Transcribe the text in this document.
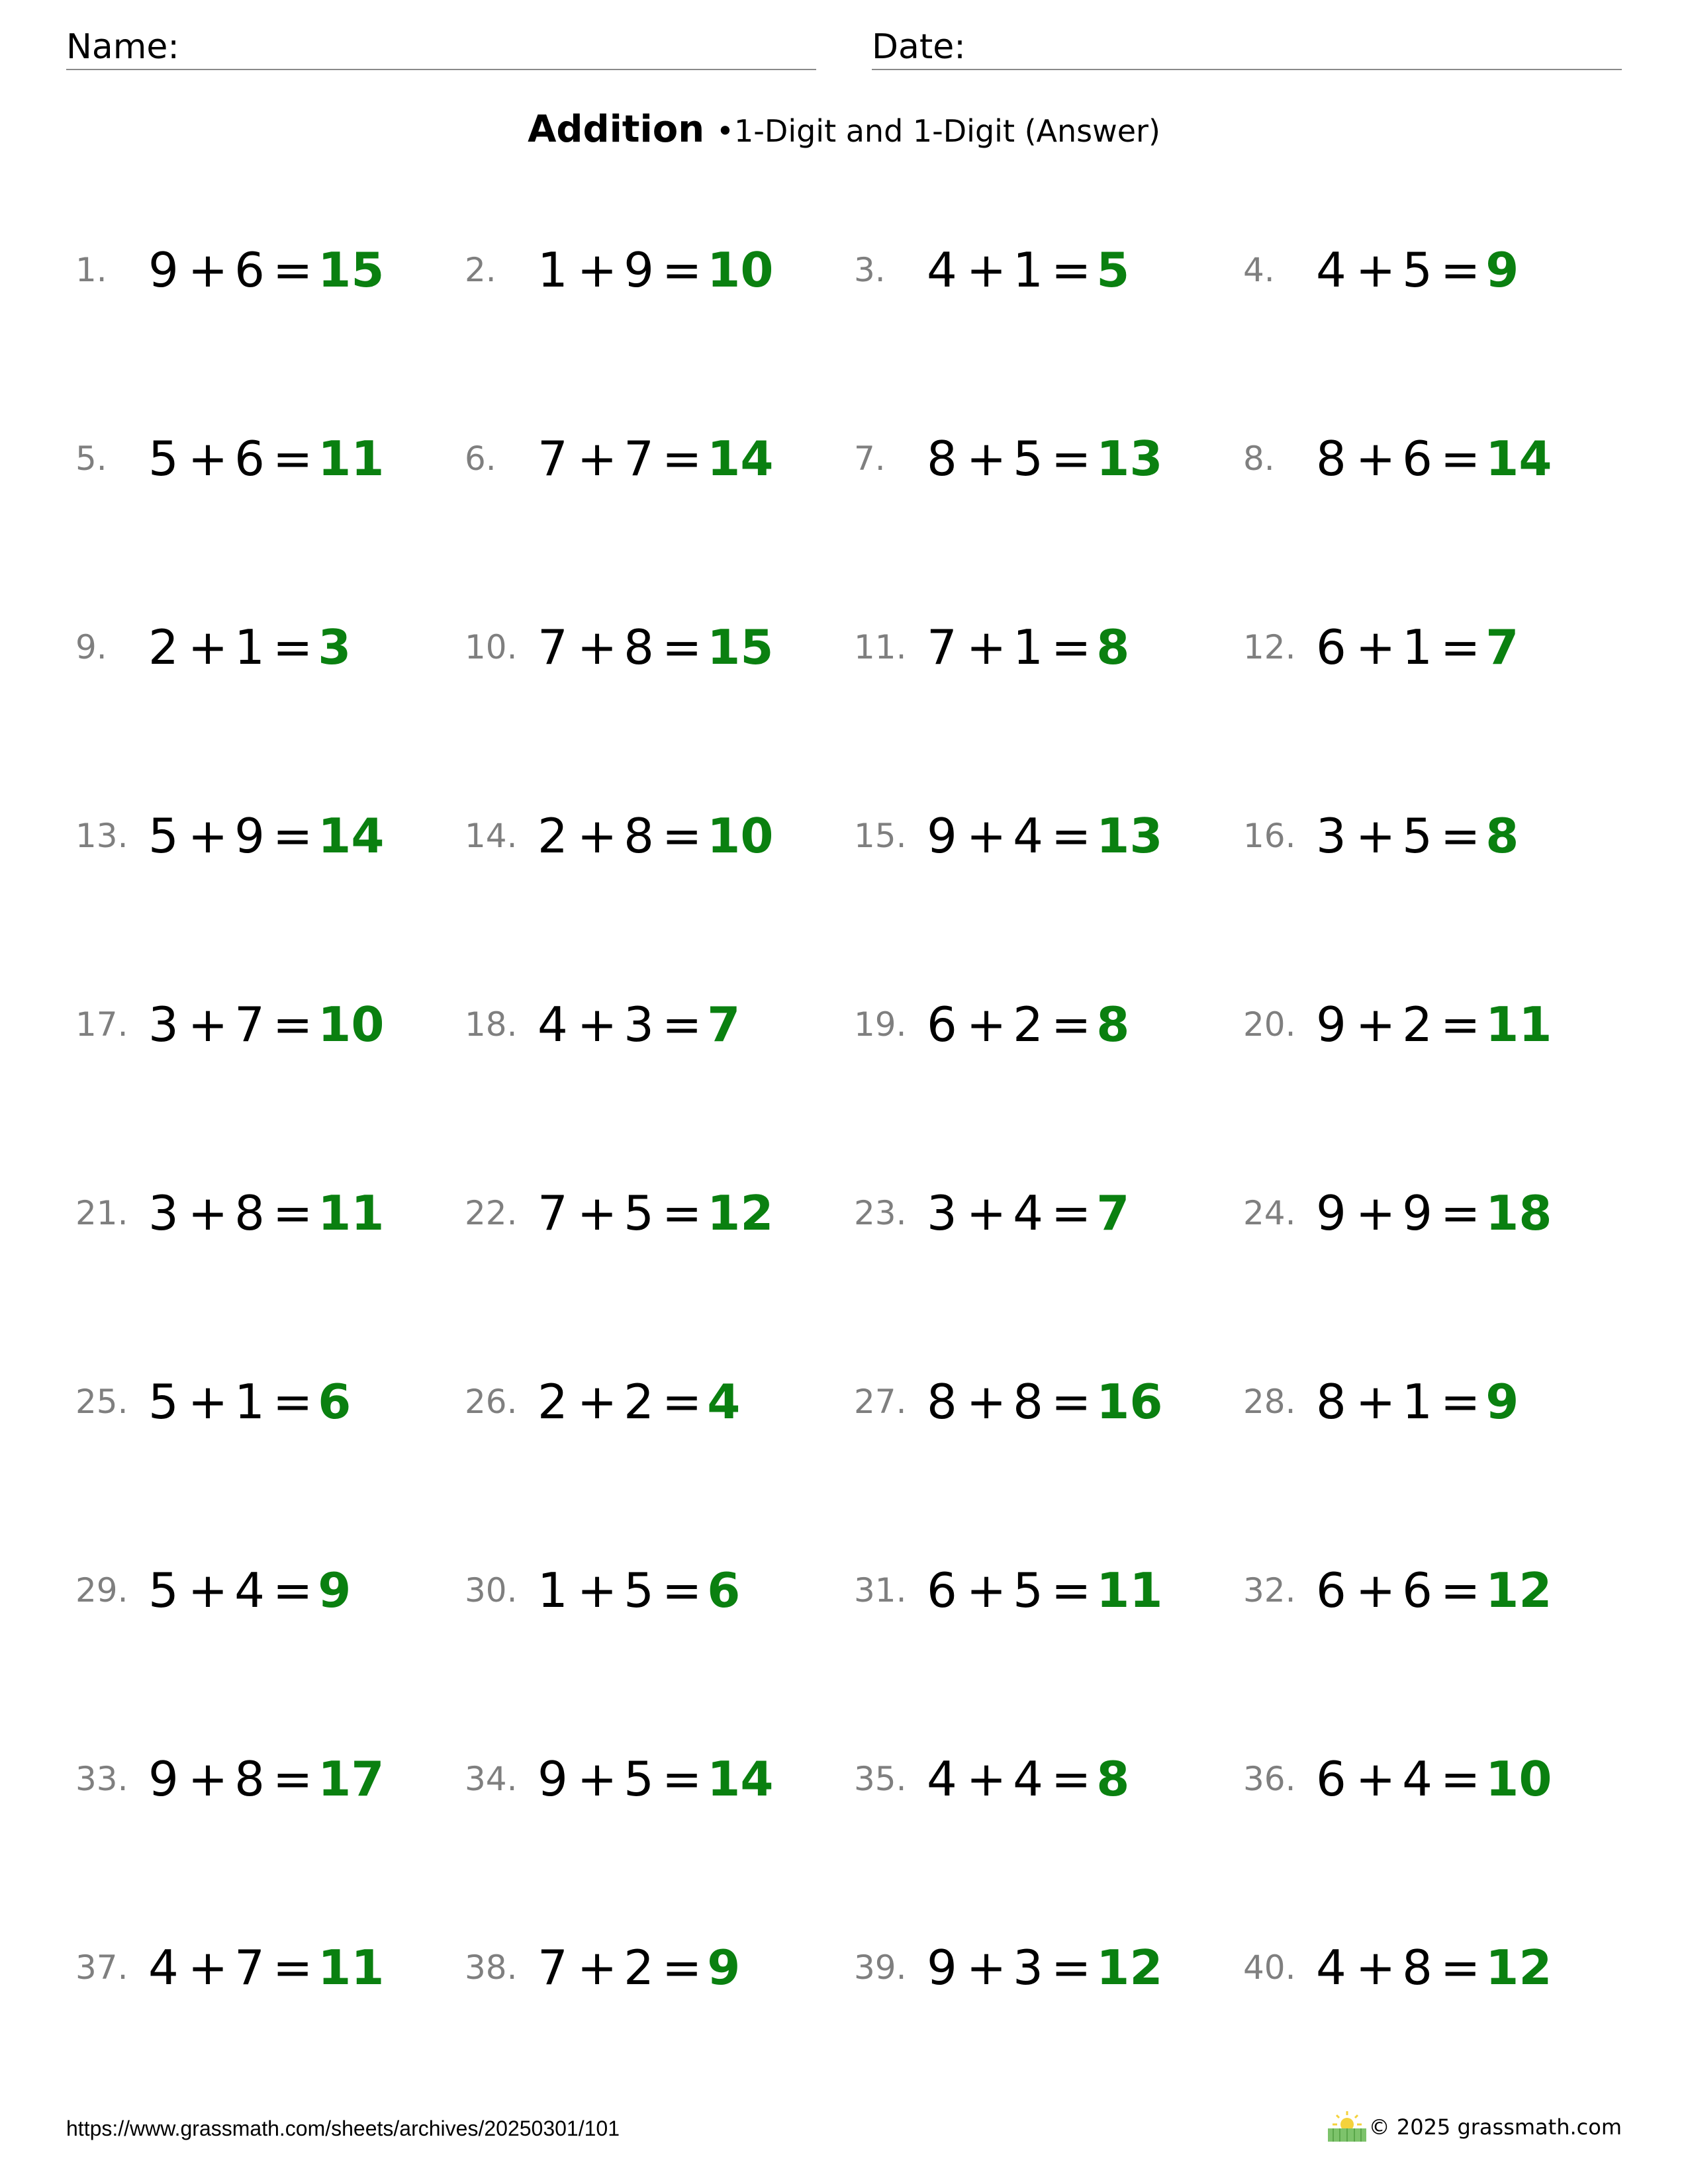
Name:	Date:
Addition •1-Digit and 1-Digit (Answer)
1. 9 + 6 = 15 2. 1 + 9 = 10 3. 4 + 1 = 5	4. 4 + 5 = 9
5. 5 + 6 = 11 6. 7 + 7 = 14 7. 8 + 5 = 13 8. 8 + 6 = 14
9. 2 + 1 = 3	10. 7 + 8 = 15 11. 7 + 1 = 8	12. 6 + 1 = 7
13. 5 + 9 = 14 14. 2 + 8 = 10 15. 9 + 4 = 13 16. 3 + 5 = 8
17. 3 + 7 = 10 18. 4 + 3 = 7	19. 6 + 2 = 8	20. 9 + 2 = 11
21. 3 + 8 = 11 22. 7 + 5 = 12 23. 3 + 4 = 7	24. 9 + 9 = 18
25. 5 + 1 = 6	26. 2 + 2 = 4	27. 8 + 8 = 16 28. 8 + 1 = 9
29. 5 + 4 = 9	30. 1 + 5 = 6	31. 6 + 5 = 11 32. 6 + 6 = 12
33. 9 + 8 = 17 34. 9 + 5 = 14 35. 4 + 4 = 8	36. 6 + 4 = 10
37. 4 + 7 = 11 38. 7 + 2 = 9	39. 9 + 3 = 12 40. 4 + 8 = 12
https://www.grassmath.com/sheets/archives/20250301/101	© 2025 grassmath.com
